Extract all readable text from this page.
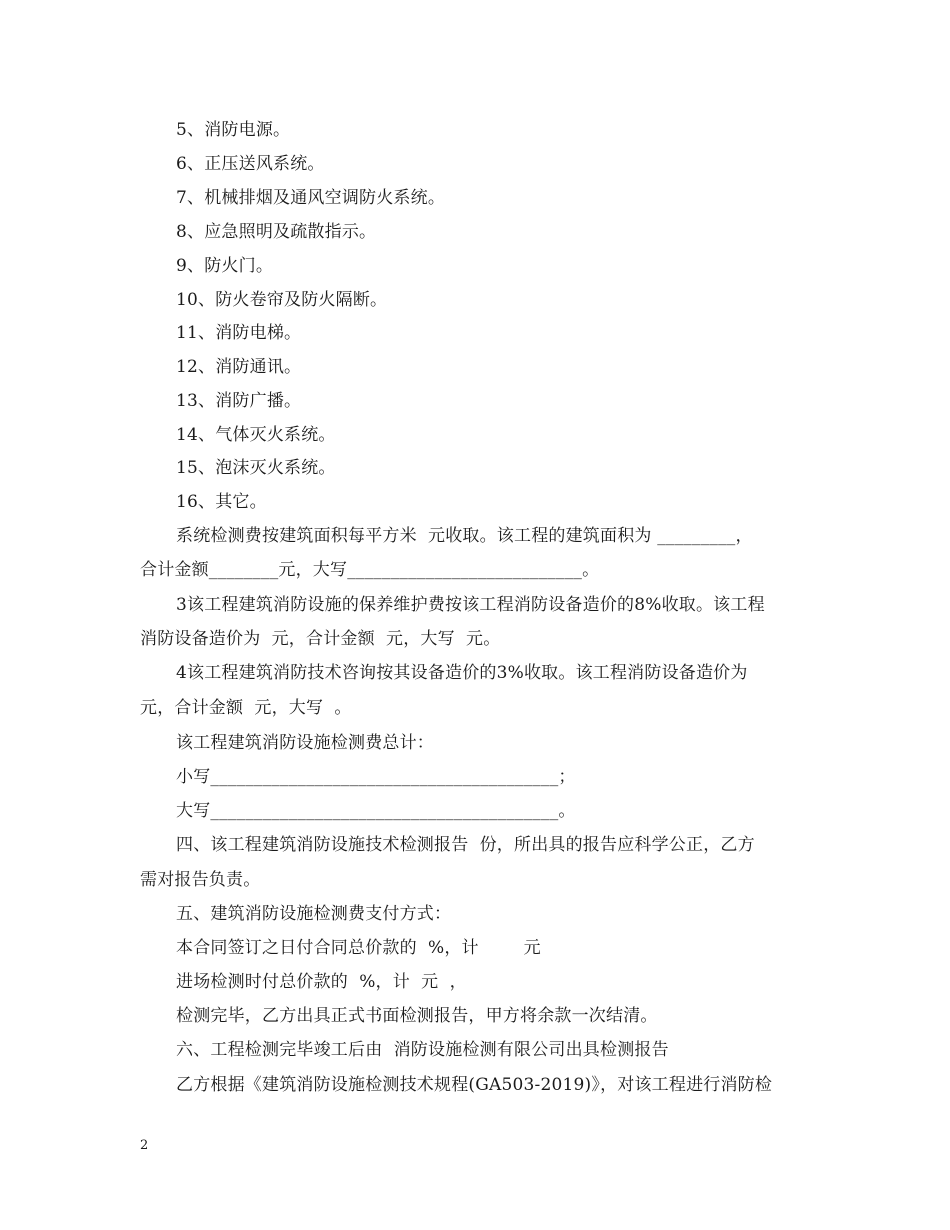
5、消防电源。
6、正压送风系统。
7、机械排烟及通风空调防火系统。
8、应急照明及疏散指示。
9、防火门。
10、防火卷帘及防火隔断。
11、消防电梯。
12、消防通讯。
13、消防广播。
14、气体灭火系统。
15、泡沫灭火系统。
16、其它。
系统检测费按建筑面积每平方米  元收取。该工程的建筑面积为 _________，
合计金额________元，大写___________________________。
3该工程建筑消防设施的保养维护费按该工程消防设备造价的8%收取。该工程
消防设备造价为  元，合计金额  元，大写  元。
4该工程建筑消防技术咨询按其设备造价的3%收取。该工程消防设备造价为
元，合计金额  元，大写  。
该工程建筑消防设施检测费总计：
小写________________________________________；
大写________________________________________。
四、该工程建筑消防设施技术检测报告  份，所出具的报告应科学公正，乙方
需对报告负责。
五、建筑消防设施检测费支付方式：
本合同签订之日付合同总价款的  %，计        元
进场检测时付总价款的  %，计  元  ，
检测完毕，乙方出具正式书面检测报告，甲方将余款一次结清。
六、工程检测完毕竣工后由  消防设施检测有限公司出具检测报告
乙方根据《建筑消防设施检测技术规程(GA503-2019)》，对该工程进行消防检
2
